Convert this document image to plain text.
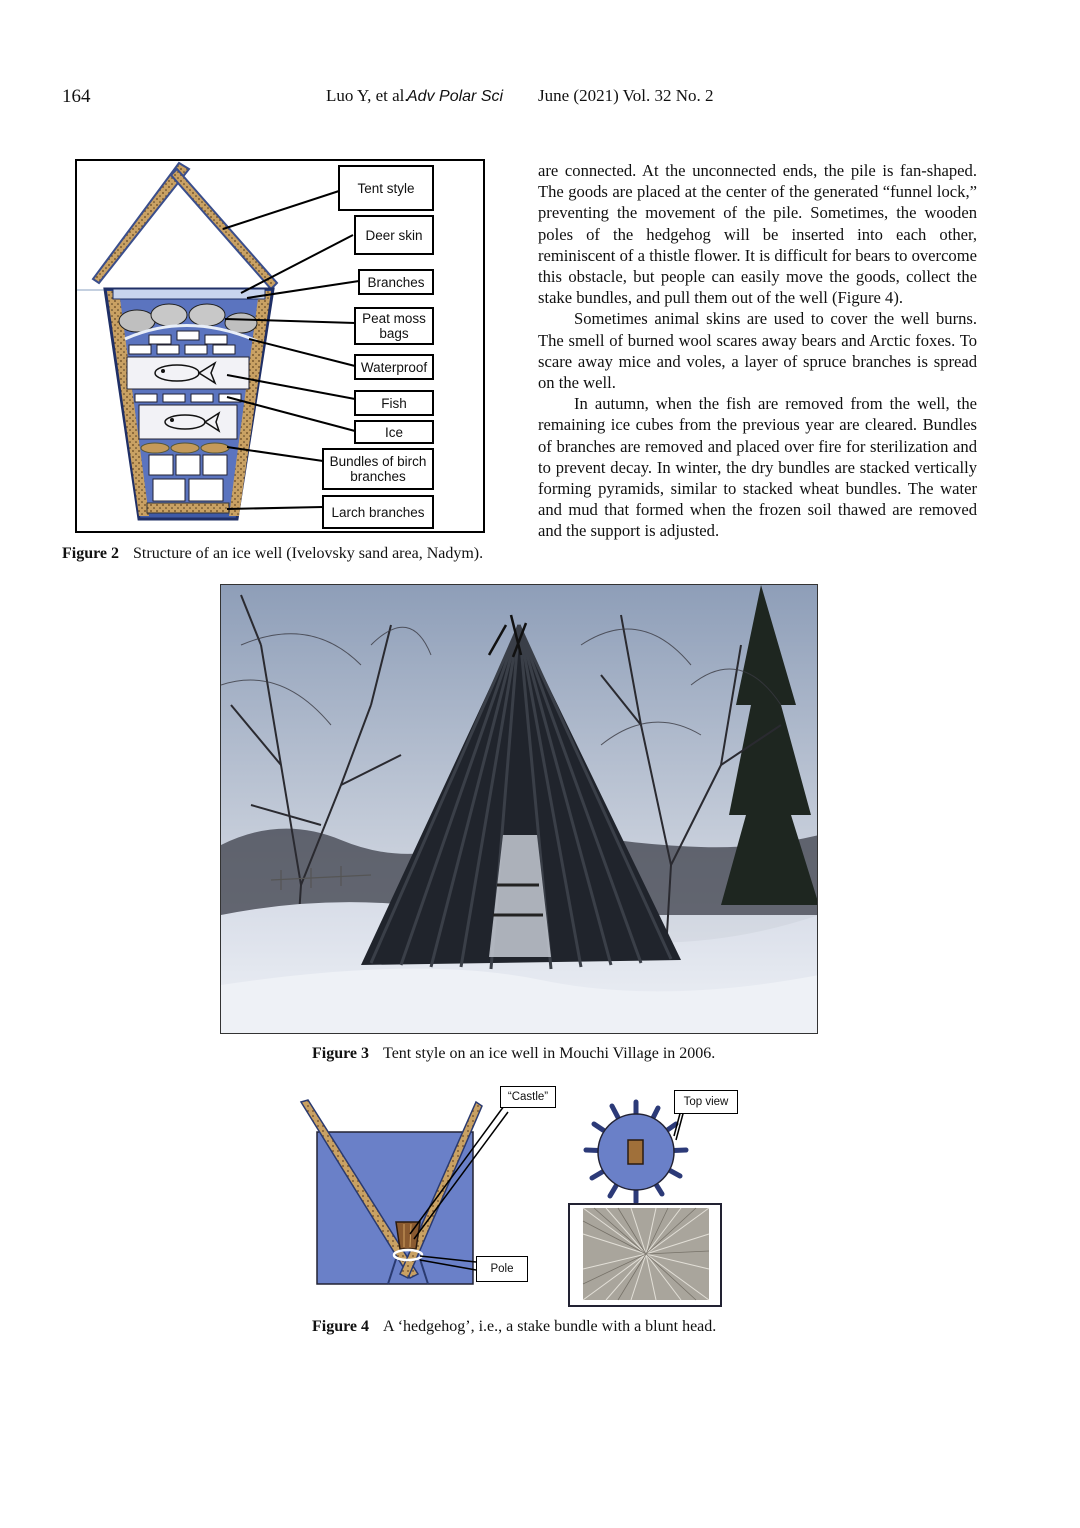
164	Luo Y, et al.
Adv Polar Sci June (2021) Vol. 32 No. 2
Tent style
Deer skin
Branches
Peat moss bags
Waterproof
Fish
Ice
Bundles of birch branches
Larch branches
Figure 2 Structure of an ice well (Ivelovsky sand area, Nadym).

are connected. At the unconnected ends, the pile is fan-shaped. The goods are placed at the center of the generated “funnel lock,” preventing the movement of the pile. Sometimes, the wooden poles of the hedgehog will be inserted into each other, reminiscent of a thistle flower. It is difficult for bears to overcome this obstacle, but people can easily move the goods, collect the stake bundles, and pull them out of the well (Figure 4).

Sometimes animal skins are used to cover the well burns. The smell of burned wool scares away bears and Arctic foxes. To scare away mice and voles, a layer of spruce branches is spread on the well.

In autumn, when the fish are removed from the well, the remaining ice cubes from the previous year are cleared. Bundles of branches are removed and placed over fire for sterilization and to prevent decay. In winter, the dry bundles are stacked vertically forming pyramids, similar to stacked wheat bundles. The water and mud that formed when the frozen soil thawed are removed and the support is adjusted.

Figure 3 Tent style on an ice well in Mouchi Village in 2006.
“Castle”	Top view
Pole
Figure 4 A ‘hedgehog’, i.e., a stake bundle with a blunt head.
